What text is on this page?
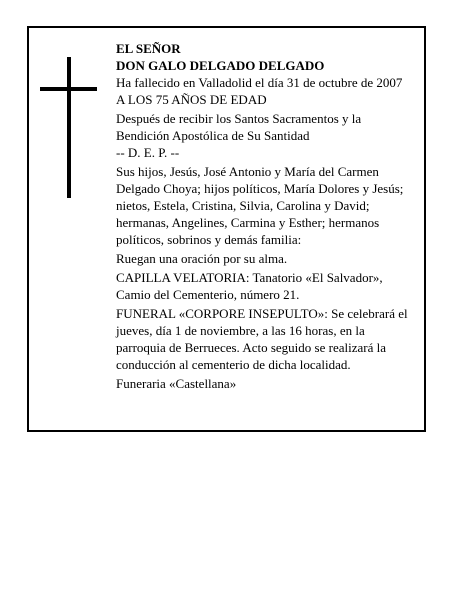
EL SEÑOR
DON GALO DELGADO DELGADO
Ha fallecido en Valladolid el día 31 de octubre de 2007
A LOS 75 AÑOS DE EDAD
Después de recibir los Santos Sacramentos y la
Bendición Apostólica de Su Santidad
-- D. E. P. --
Sus hijos, Jesús, José Antonio y María del Carmen
Delgado Choya; hijos políticos, María Dolores y Jesús;
nietos, Estela, Cristina, Silvia, Carolina y David;
hermanas, Angelines, Carmina y Esther; hermanos
políticos, sobrinos y demás familia:
Ruegan una oración por su alma.
CAPILLA VELATORIA: Tanatorio «El Salvador»,
Camio del Cementerio, número 21.
FUNERAL «CORPORE INSEPULTO»: Se celebrará el
jueves, día 1 de noviembre, a las 16 horas, en la
parroquia de Berrueces. Acto seguido se realizará la
conducción al cementerio de dicha localidad.
Funeraria «Castellana»
